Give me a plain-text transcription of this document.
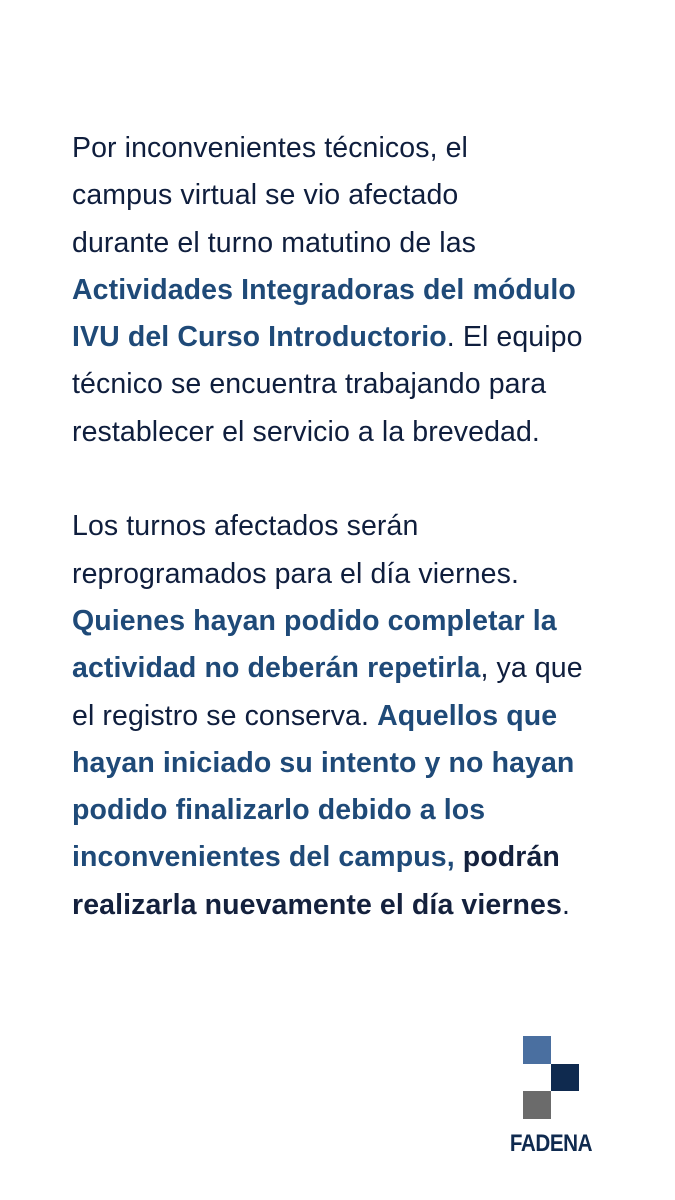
Por inconvenientes técnicos, el
campus virtual se vio afectado
durante el turno matutino de las
Actividades Integradoras del módulo
IVU del Curso Introductorio. El equipo
técnico se encuentra trabajando para
restablecer el servicio a la brevedad.

Los turnos afectados serán
reprogramados para el día viernes.
Quienes hayan podido completar la
actividad no deberán repetirla, ya que
el registro se conserva. Aquellos que
hayan iniciado su intento y no hayan
podido finalizarlo debido a los
inconvenientes del campus, podrán
realizarla nuevamente el día viernes.

FADENA
